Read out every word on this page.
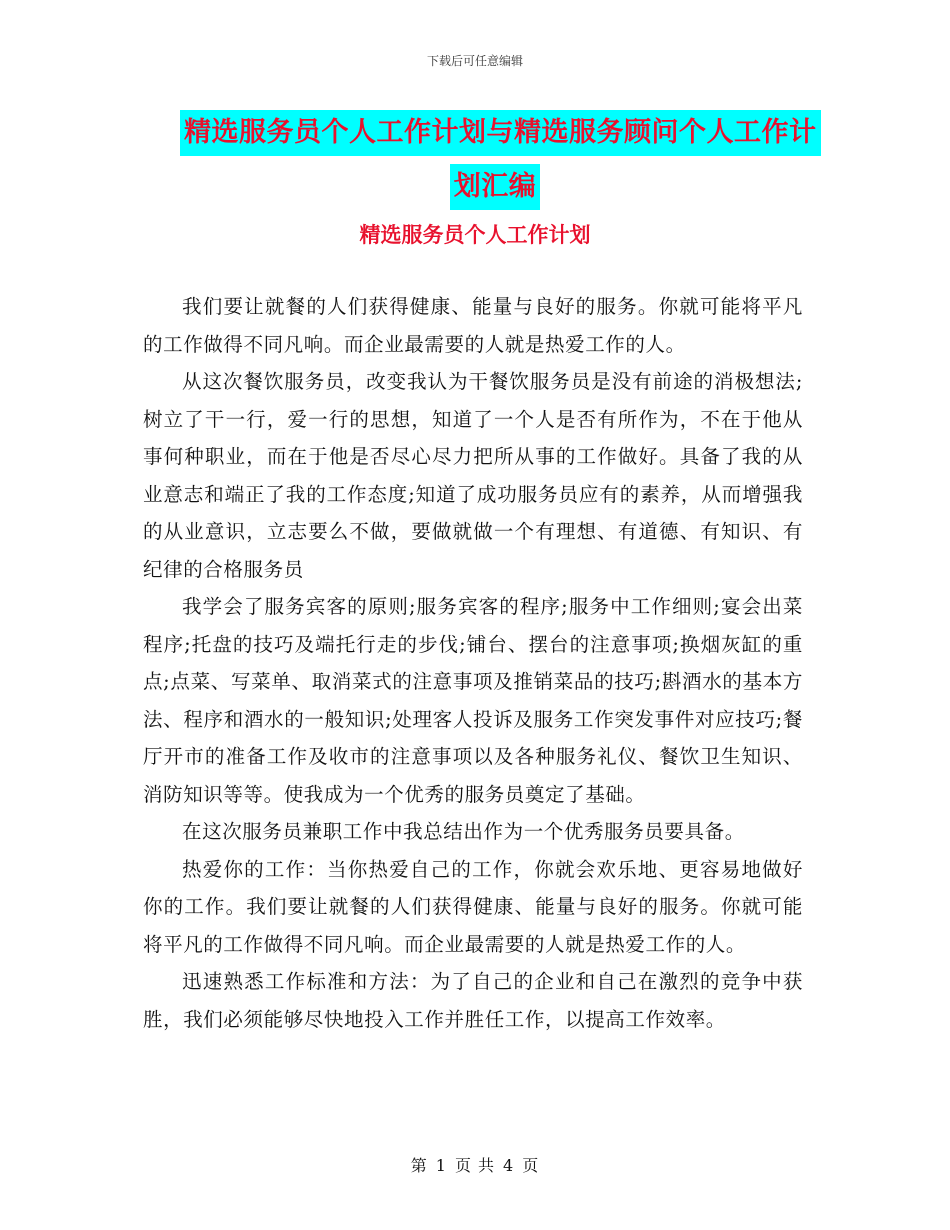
下载后可任意编辑
精选服务员个人工作计划与精选服务顾问个人工作计
划汇编
精选服务员个人工作计划

我们要让就餐的人们获得健康、能量与良好的服务。你就可能将平凡的工作做得不同凡响。而企业最需要的人就是热爱工作的人。

从这次餐饮服务员，改变我认为干餐饮服务员是没有前途的消极想法;树立了干一行，爱一行的思想，知道了一个人是否有所作为，不在于他从事何种职业，而在于他是否尽心尽力把所从事的工作做好。具备了我的从业意志和端正了我的工作态度;知道了成功服务员应有的素养，从而增强我的从业意识，立志要么不做，要做就做一个有理想、有道德、有知识、有纪律的合格服务员

我学会了服务宾客的原则;服务宾客的程序;服务中工作细则;宴会出菜程序;托盘的技巧及端托行走的步伐;铺台、摆台的注意事项;换烟灰缸的重点;点菜、写菜单、取消菜式的注意事项及推销菜品的技巧;斟酒水的基本方法、程序和酒水的一般知识;处理客人投诉及服务工作突发事件对应技巧;餐厅开市的准备工作及收市的注意事项以及各种服务礼仪、餐饮卫生知识、消防知识等等。使我成为一个优秀的服务员奠定了基础。

在这次服务员兼职工作中我总结出作为一个优秀服务员要具备。

热爱你的工作：当你热爱自己的工作，你就会欢乐地、更容易地做好你的工作。我们要让就餐的人们获得健康、能量与良好的服务。你就可能将平凡的工作做得不同凡响。而企业最需要的人就是热爱工作的人。

迅速熟悉工作标准和方法：为了自己的企业和自己在激烈的竞争中获胜，我们必须能够尽快地投入工作并胜任工作，以提高工作效率。

第 1 页 共 4 页
